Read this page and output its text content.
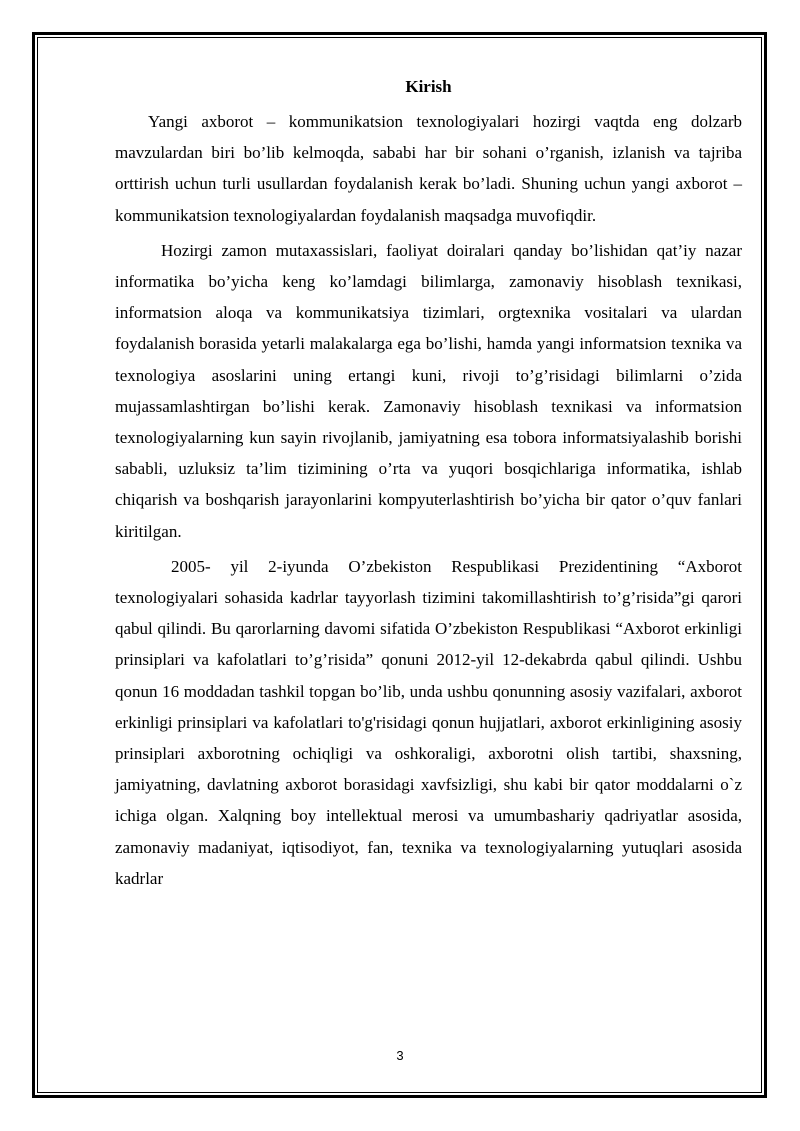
Kirish

Yangi axborot – kommunikatsion texnologiyalari hozirgi vaqtda eng dolzarb mavzulardan biri bo’lib kelmoqda, sababi har bir sohani o’rganish, izlanish va tajriba orttirish uchun turli usullardan foydalanish kerak bo’ladi. Shuning uchun yangi axborot – kommunikatsion texnologiyalardan foydalanish maqsadga muvofiqdir.

Hozirgi zamon mutaxassislari, faoliyat doiralari qanday bo’lishidan qat’iy nazar informatika bo’yicha keng ko’lamdagi bilimlarga, zamonaviy hisoblash texnikasi, informatsion aloqa va kommunikatsiya tizimlari, orgtexnika vositalari va ulardan foydalanish borasida yetarli malakalarga ega bo’lishi, hamda yangi informatsion texnika va texnologiya asoslarini uning ertangi kuni, rivoji to’g’risidagi bilimlarni o’zida mujassamlashtirgan bo’lishi kerak. Zamonaviy hisoblash texnikasi va informatsion texnologiyalarning kun sayin rivojlanib, jamiyatning esa tobora informatsiyalashib borishi sababli, uzluksiz ta’lim tizimining o’rta va yuqori bosqichlariga informatika, ishlab chiqarish va boshqarish jarayonlarini kompyuterlashtirish bo’yicha bir qator o’quv fanlari kiritilgan.

2005- yil 2-iyunda O’zbekiston Respublikasi Prezidentining “Axborot texnologiyalari sohasida kadrlar tayyorlash tizimini takomillashtirish to’g’risida”gi qarori qabul qilindi. Bu qarorlarning davomi sifatida O’zbekiston Respublikasi “Axborot erkinligi prinsiplari va kafolatlari to’g’risida” qonuni 2012-yil 12-dekabrda qabul qilindi. Ushbu qonun 16 moddadan tashkil topgan bo’lib, unda ushbu qonunning asosiy vazifalari, axborot erkinligi prinsiplari va kafolatlari to'g'risidagi qonun hujjatlari, axborot erkinligining asosiy prinsiplari axborotning ochiqligi va oshkoraligi, axborotni olish tartibi, shaxsning, jamiyatning, davlatning axborot borasidagi xavfsizligi, shu kabi bir qator moddalarni o`z ichiga olgan. Xalqning boy intellektual merosi va umumbashariy qadriyatlar asosida, zamonaviy madaniyat, iqtisodiyot, fan, texnika va texnologiyalarning yutuqlari asosida kadrlar

3
